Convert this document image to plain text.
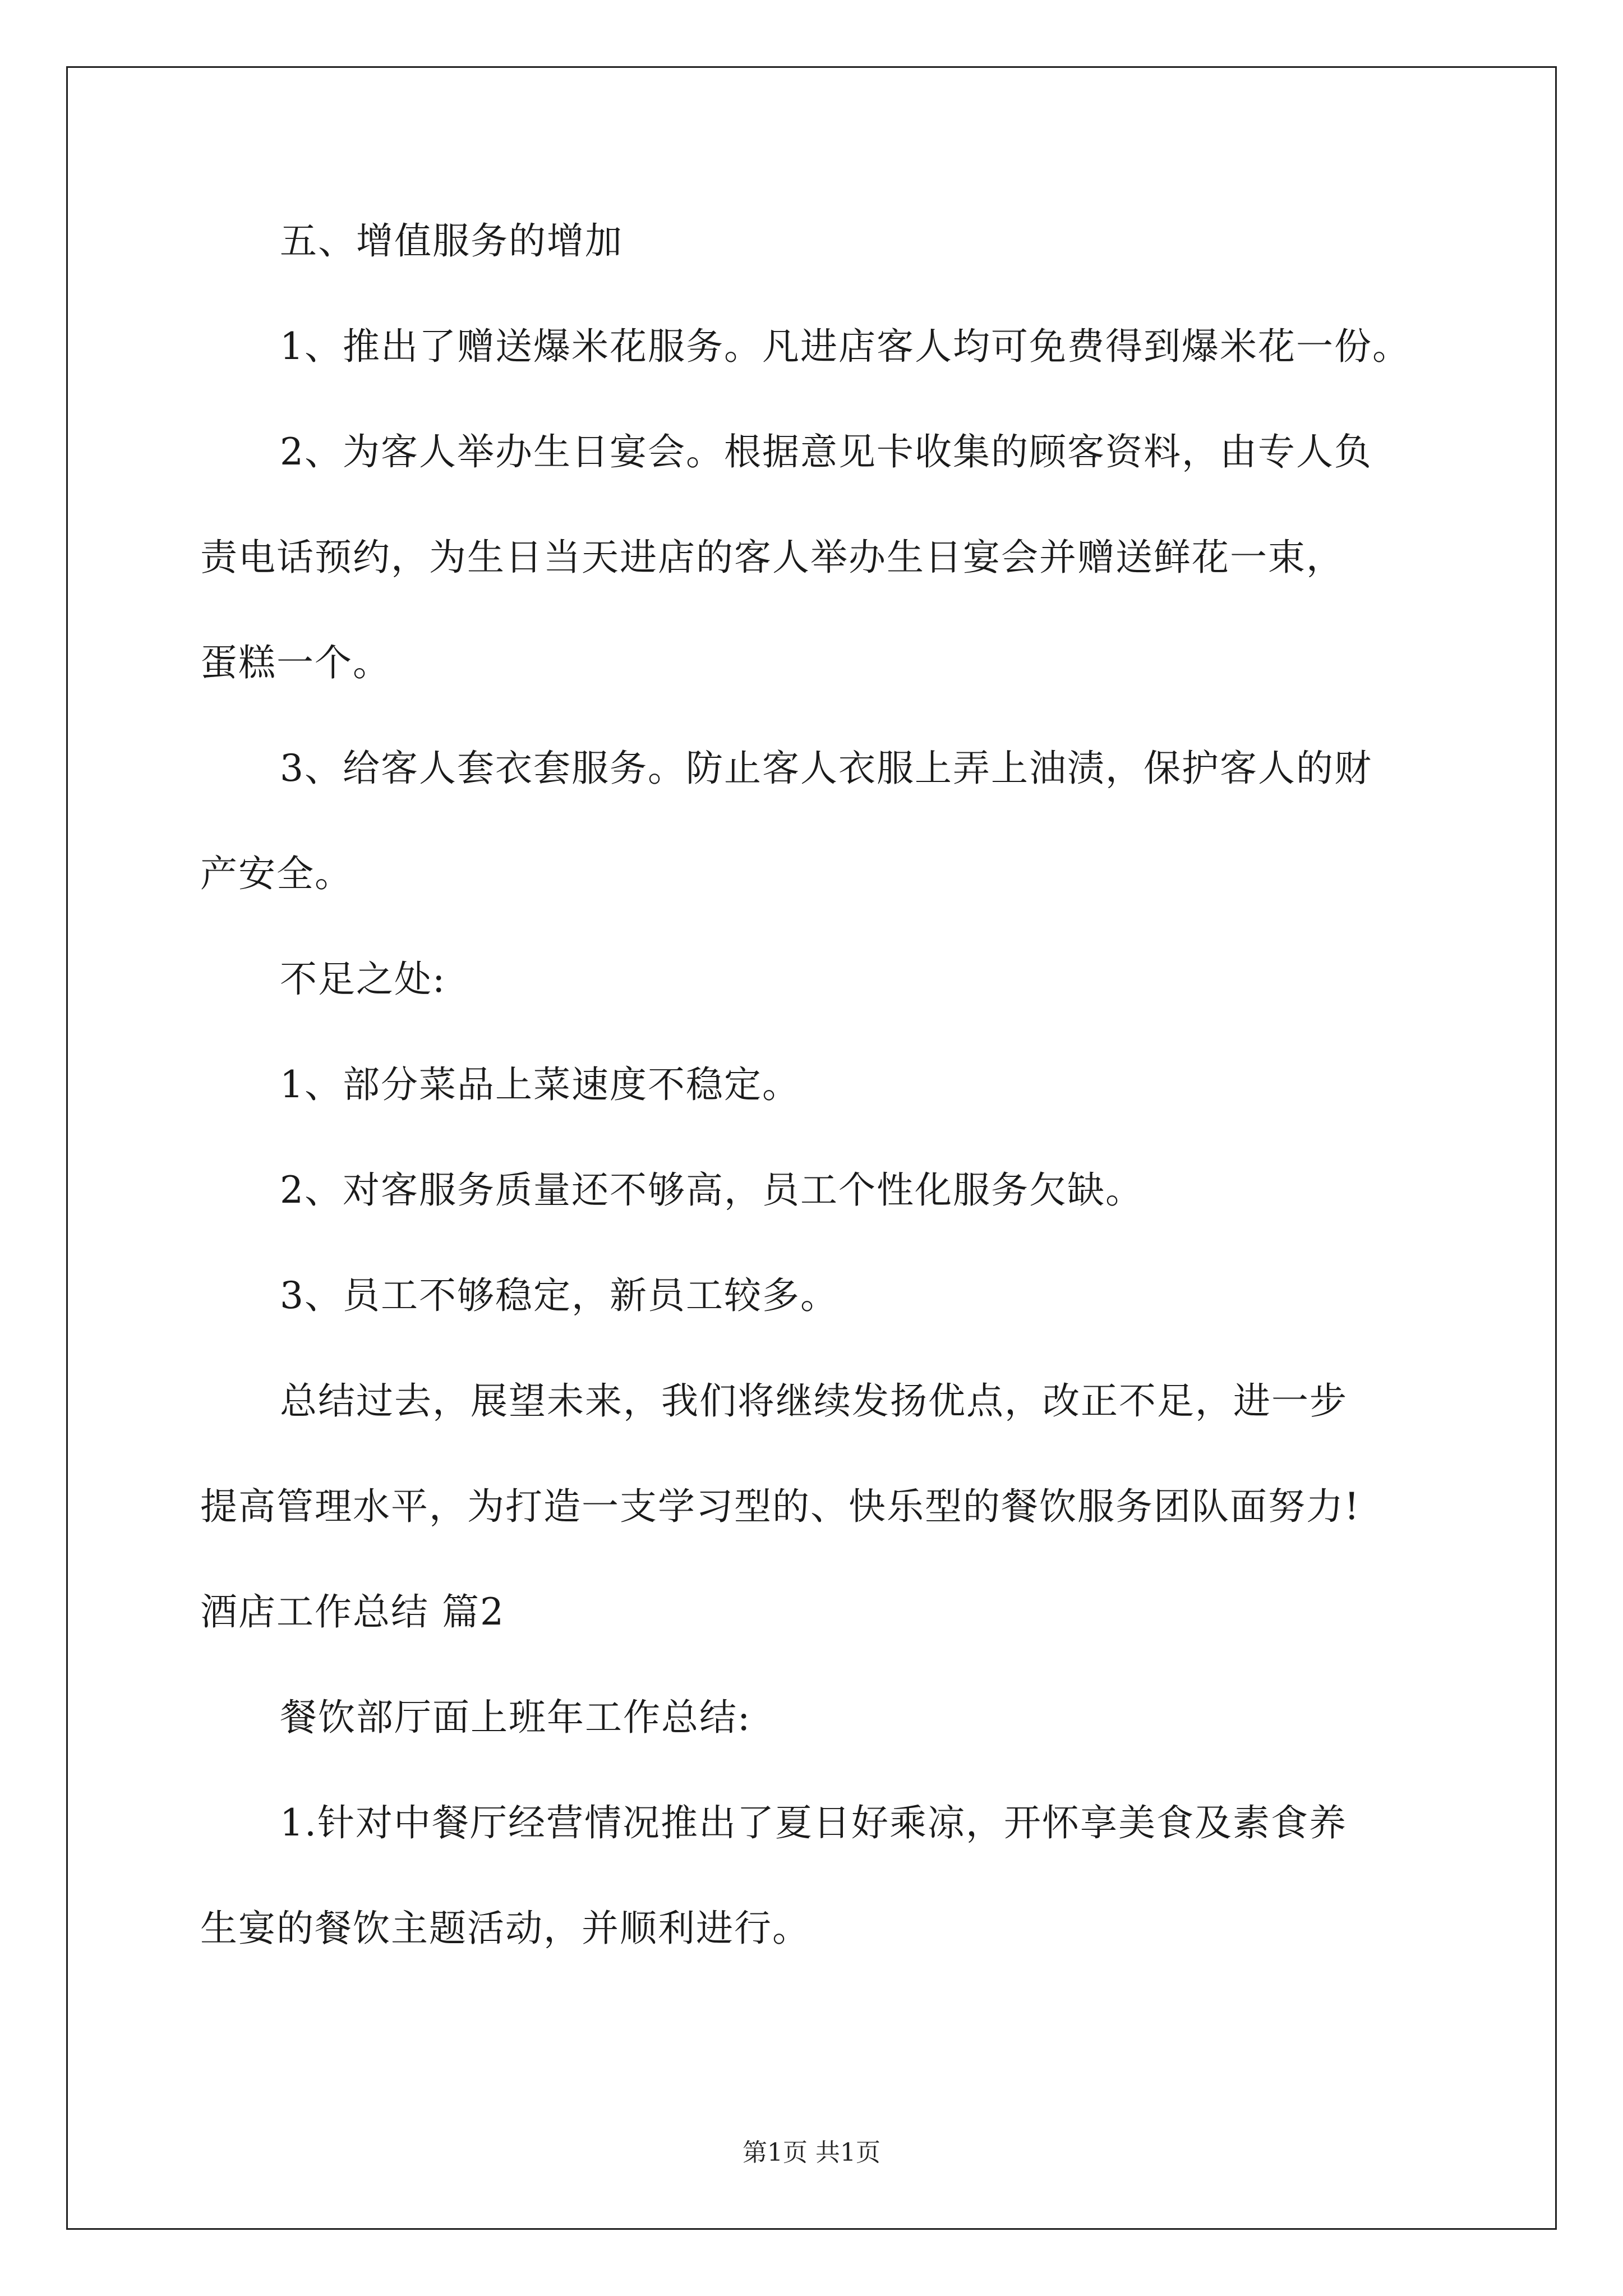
五、增值服务的增加
1、推出了赠送爆米花服务。凡进店客人均可免费得到爆米花一份。
2、为客人举办生日宴会。根据意见卡收集的顾客资料，由专人负
责电话预约，为生日当天进店的客人举办生日宴会并赠送鲜花一束，
蛋糕一个。
3、给客人套衣套服务。防止客人衣服上弄上油渍，保护客人的财
产安全。
不足之处:
1、部分菜品上菜速度不稳定。
2、对客服务质量还不够高，员工个性化服务欠缺。
3、员工不够稳定，新员工较多。
总结过去，展望未来，我们将继续发扬优点，改正不足，进一步
提高管理水平，为打造一支学习型的、快乐型的餐饮服务团队面努力!
酒店工作总结 篇2
餐饮部厅面上班年工作总结:
1.针对中餐厅经营情况推出了夏日好乘凉，开怀享美食及素食养
生宴的餐饮主题活动，并顺利进行。
第1页 共1页
